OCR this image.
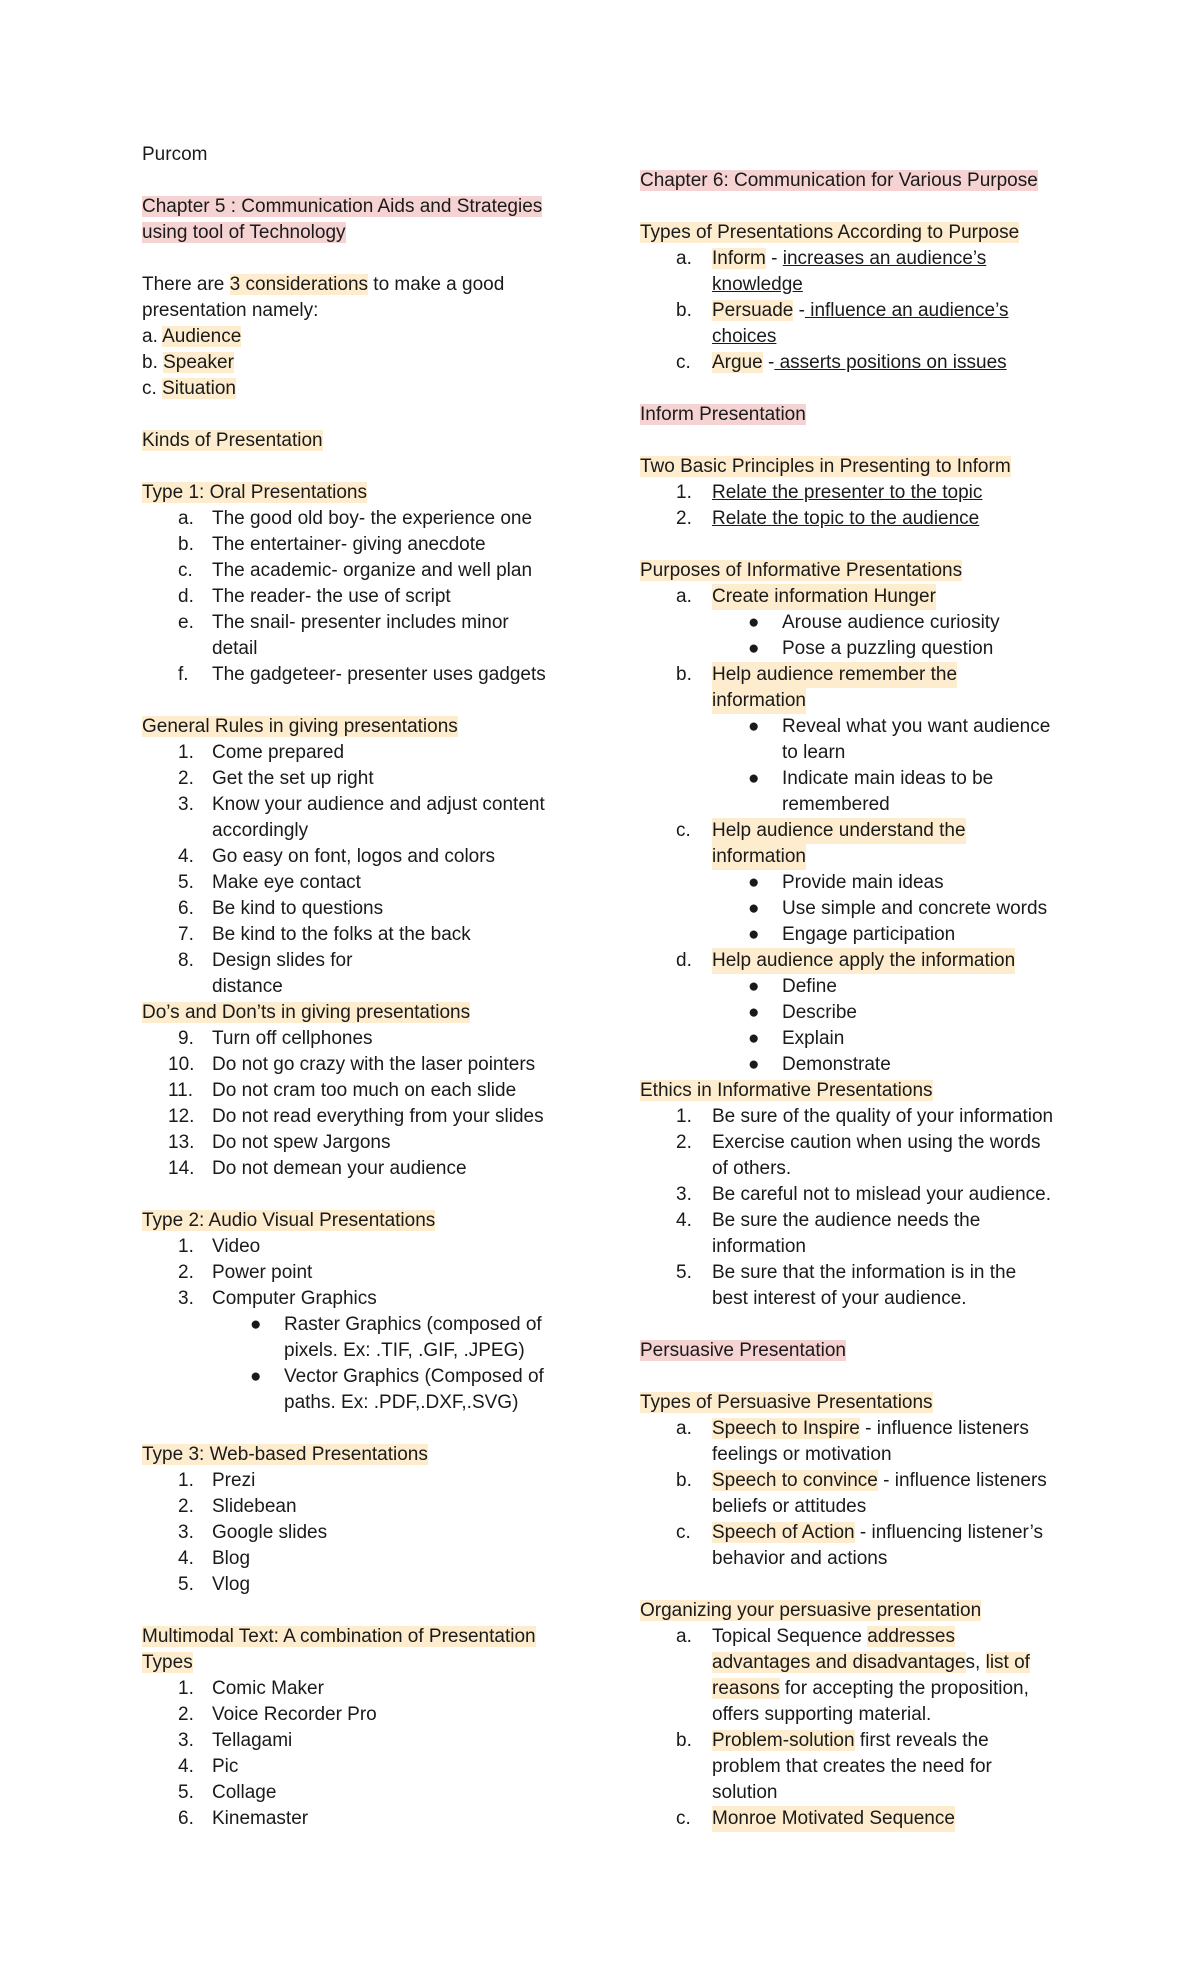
Purcom
Chapter 5 : Communication Aids and Strategies
using tool of Technology
There are 3 considerations to make a good
presentation namely:
a. Audience
b. Speaker
c. Situation
Kinds of Presentation
Type 1: Oral Presentations
a. The good old boy- the experience one
b. The entertainer- giving anecdote
c. The academic- organize and well plan
d. The reader- the use of script
e. The snail- presenter includes minor
detail
f. The gadgeteer- presenter uses gadgets
General Rules in giving presentations
1. Come prepared
2. Get the set up right
3. Know your audience and adjust content
accordingly
4. Go easy on font, logos and colors
5. Make eye contact
6. Be kind to questions
7. Be kind to the folks at the back
8. Design slides for
distance
Do’s and Don’ts in giving presentations
9. Turn off cellphones
10. Do not go crazy with the laser pointers
11. Do not cram too much on each slide
12. Do not read everything from your slides
13. Do not spew Jargons
14. Do not demean your audience
Type 2: Audio Visual Presentations
1. Video
2. Power point
3. Computer Graphics
● Raster Graphics (composed of
pixels. Ex: .TIF, .GIF, .JPEG)
● Vector Graphics (Composed of
paths. Ex: .PDF,.DXF,.SVG)
Type 3: Web-based Presentations
1. Prezi
2. Slidebean
3. Google slides
4. Blog
5. Vlog
Multimodal Text: A combination of Presentation
Types
1. Comic Maker
2. Voice Recorder Pro
3. Tellagami
4. Pic
5. Collage
6. Kinemaster
Chapter 6: Communication for Various Purpose
Types of Presentations According to Purpose
a. Inform - increases an audience’s
knowledge
b. Persuade - influence an audience’s
choices
c. Argue - asserts positions on issues
Inform Presentation
Two Basic Principles in Presenting to Inform
1. Relate the presenter to the topic
2. Relate the topic to the audience
Purposes of Informative Presentations
a. Create information Hunger
● Arouse audience curiosity
● Pose a puzzling question
b. Help audience remember the
information
● Reveal what you want audience
to learn
● Indicate main ideas to be
remembered
c. Help audience understand the
information
● Provide main ideas
● Use simple and concrete words
● Engage participation
d. Help audience apply the information
● Define
● Describe
● Explain
● Demonstrate
Ethics in Informative Presentations
1. Be sure of the quality of your information
2. Exercise caution when using the words
of others.
3. Be careful not to mislead your audience.
4. Be sure the audience needs the
information
5. Be sure that the information is in the
best interest of your audience.
Persuasive Presentation
Types of Persuasive Presentations
a. Speech to Inspire - influence listeners
feelings or motivation
b. Speech to convince - influence listeners
beliefs or attitudes
c. Speech of Action - influencing listener’s
behavior and actions
Organizing your persuasive presentation
a. Topical Sequence addresses
advantages and disadvantages, list of
reasons for accepting the proposition,
offers supporting material.
b. Problem-solution first reveals the
problem that creates the need for
solution
c. Monroe Motivated Sequence
